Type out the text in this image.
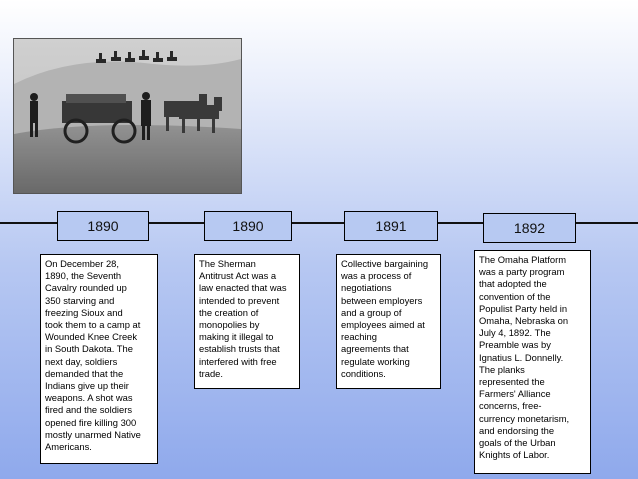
1890	1890	1891	1892
On December 28,
1890, the Seventh
Cavalry rounded up
350 starving and
freezing Sioux and
took them to a camp at
Wounded Knee Creek
in South Dakota. The
next day, soldiers
demanded that the
Indians give up their
weapons. A shot was
fired and the soldiers
opened fire killing 300
mostly unarmed Native
Americans.
The Sherman
Antitrust Act was a
law enacted that was
intended to prevent
the creation of
monopolies by
making it illegal to
establish trusts that
interfered with free
trade.
Collective bargaining
was a process of
negotiations
between employers
and a group of
employees aimed at
reaching
agreements that
regulate working
conditions.
The Omaha Platform
was a party program
that adopted the
convention of the
Populist Party held in
Omaha, Nebraska on
July 4, 1892. The
Preamble was by
Ignatius L. Donnelly.
The planks
represented the
Farmers' Alliance
concerns, free-
currency monetarism,
and endorsing the
goals of the Urban
Knights of Labor.
